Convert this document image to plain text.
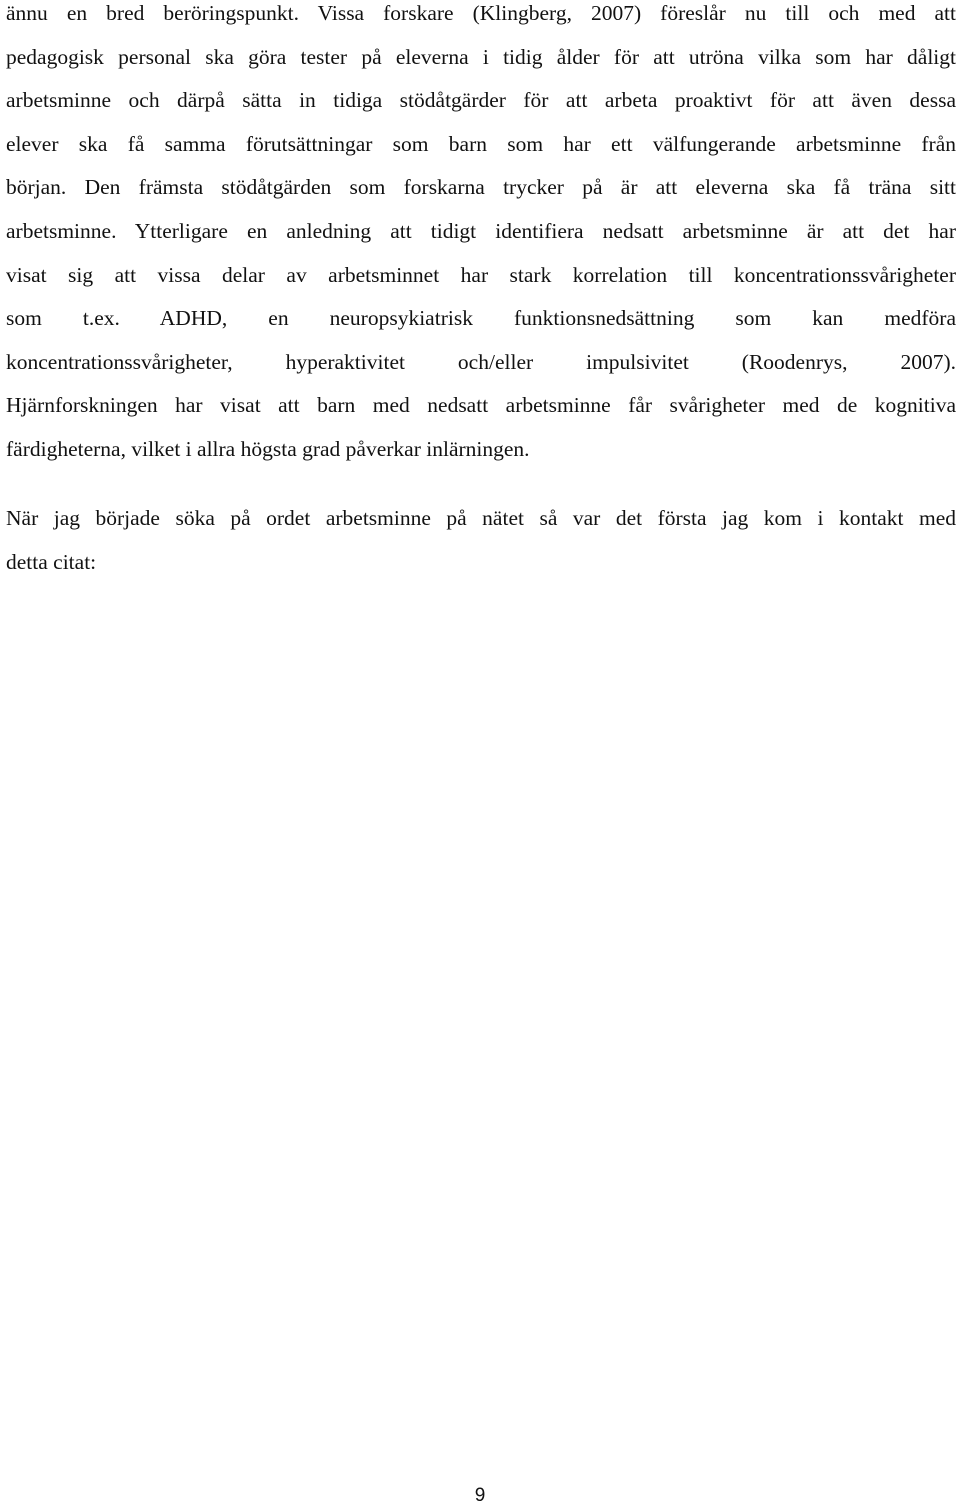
ännu en bred beröringspunkt. Vissa forskare (Klingberg, 2007) föreslår nu till och med att
pedagogisk personal ska göra tester på eleverna i tidig ålder för att utröna vilka som har dåligt
arbetsminne och därpå sätta in tidiga stödåtgärder för att arbeta proaktivt för att även dessa
elever ska få samma förutsättningar som barn som har ett välfungerande arbetsminne från
början. Den främsta stödåtgärden som forskarna trycker på är att eleverna ska få träna sitt
arbetsminne. Ytterligare en anledning att tidigt identifiera nedsatt arbetsminne är att det har
visat sig att vissa delar av arbetsminnet har stark korrelation till koncentrationssvårigheter
som t.ex. ADHD, en neuropsykiatrisk funktionsnedsättning som kan medföra
koncentrationssvårigheter, hyperaktivitet och/eller impulsivitet (Roodenrys, 2007).
Hjärnforskningen har visat att barn med nedsatt arbetsminne får svårigheter med de kognitiva
färdigheterna, vilket i allra högsta grad påverkar inlärningen.
När jag började söka på ordet arbetsminne på nätet så var det första jag kom i kontakt med
detta citat:
9
